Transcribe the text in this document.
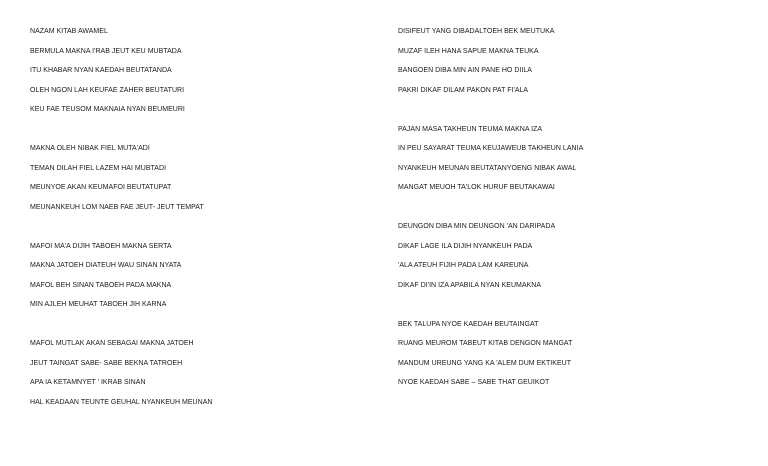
NAZAM KITAB AWAMEL
BERMULA MAKNA I'RAB JEUT KEU MUBTADA
ITU KHABAR NYAN KAEDAH BEUTATANDA
OLEH NGON LAH KEUFAE ZAHER BEUTATURI
KEU FAE TEUSOM MAKNAIA NYAN BEUMEURI
MAKNA OLEH NIBAK FIEL MUTA'ADI
TEMAN DILAH FIEL LAZEM HAI MUBTADI
MEUNYOE AKAN KEUMAFOI BEUTATUPAT
MEUNANKEUH LOM NAEB FAE JEUT- JEUT TEMPAT
MAFOI MA'A DIJIH TABOEH MAKNA SERTA
MAKNA JATOEH DIATEUH WAU SINAN NYATA
MAFOL BEH SINAN TABOEH PADA MAKNA
MIN AJLEH MEUHAT TABOEH JIH KARNA
MAFOL MUTLAK AKAN SEBAGAI MAKNA JATOEH
JEUT TAINGAT SABE- SABE BEKNA TATROEH
APA IA KETAMNYET ' IKRAB SINAN
HAL KEADAAN TEUNTE GEUHAL NYANKEUH MEUNAN
DISIFEUT YANG DIBADALTOEH BEK MEUTUKA
MUZAF ILEH HANA SAPUE MAKNA TEUKA
BANGOEN DIBA MIN AIN PANE HO DIILA
PAKRI DIKAF DILAM PAKON PAT FI'ALA
PAJAN MASA TAKHEUN TEUMA MAKNA IZA
IN PEU SAYARAT TEUMA KEUJAWEUB TAKHEUN LANIA
NYANKEUH MEUNAN BEUTATANYOENG NIBAK AWAL
MANGAT MEUOH TA'LOK HURUF BEUTAKAWAI
DEUNGON DIBA MIN DEUNGON 'AN DARIPADA
DIKAF LAGE ILA DIJIH NYANKEUH PADA
'ALA ATEUH FIJIH PADA LAM KAREUNA
DIKAF DI'IN IZA APABILA NYAN KEUMAKNA
BEK TALUPA NYOE KAEDAH BEUTAINGAT
RUANG MEUROM TABEUT KITAB DENGON MANGAT
MANDUM UREUNG YANG KA 'ALEM DUM EKTIKEUT
NYOE KAEDAH SABE – SABE THAT GEUIKOT
